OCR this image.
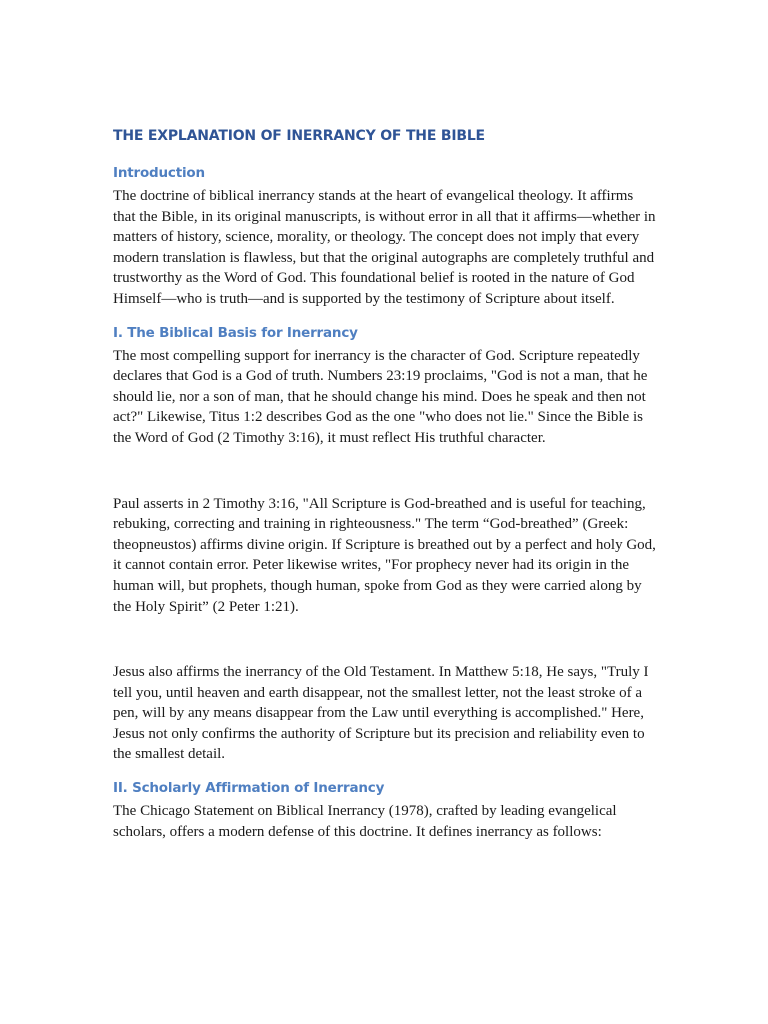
THE EXPLANATION OF INERRANCY OF THE BIBLE
Introduction

The doctrine of biblical inerrancy stands at the heart of evangelical theology. It affirms that the Bible, in its original manuscripts, is without error in all that it affirms—whether in matters of history, science, morality, or theology. The concept does not imply that every modern translation is flawless, but that the original autographs are completely truthful and trustworthy as the Word of God. This foundational belief is rooted in the nature of God Himself—who is truth—and is supported by the testimony of Scripture about itself.

I. The Biblical Basis for Inerrancy

The most compelling support for inerrancy is the character of God. Scripture repeatedly declares that God is a God of truth. Numbers 23:19 proclaims, "God is not a man, that he should lie, nor a son of man, that he should change his mind. Does he speak and then not act?" Likewise, Titus 1:2 describes God as the one "who does not lie." Since the Bible is the Word of God (2 Timothy 3:16), it must reflect His truthful character.

Paul asserts in 2 Timothy 3:16, "All Scripture is God-breathed and is useful for teaching, rebuking, correcting and training in righteousness." The term “God-breathed” (Greek: theopneustos) affirms divine origin. If Scripture is breathed out by a perfect and holy God, it cannot contain error. Peter likewise writes, "For prophecy never had its origin in the human will, but prophets, though human, spoke from God as they were carried along by the Holy Spirit” (2 Peter 1:21).

Jesus also affirms the inerrancy of the Old Testament. In Matthew 5:18, He says, "Truly I tell you, until heaven and earth disappear, not the smallest letter, not the least stroke of a pen, will by any means disappear from the Law until everything is accomplished." Here, Jesus not only confirms the authority of Scripture but its precision and reliability even to the smallest detail.

II. Scholarly Affirmation of Inerrancy

The Chicago Statement on Biblical Inerrancy (1978), crafted by leading evangelical scholars, offers a modern defense of this doctrine. It defines inerrancy as follows:
